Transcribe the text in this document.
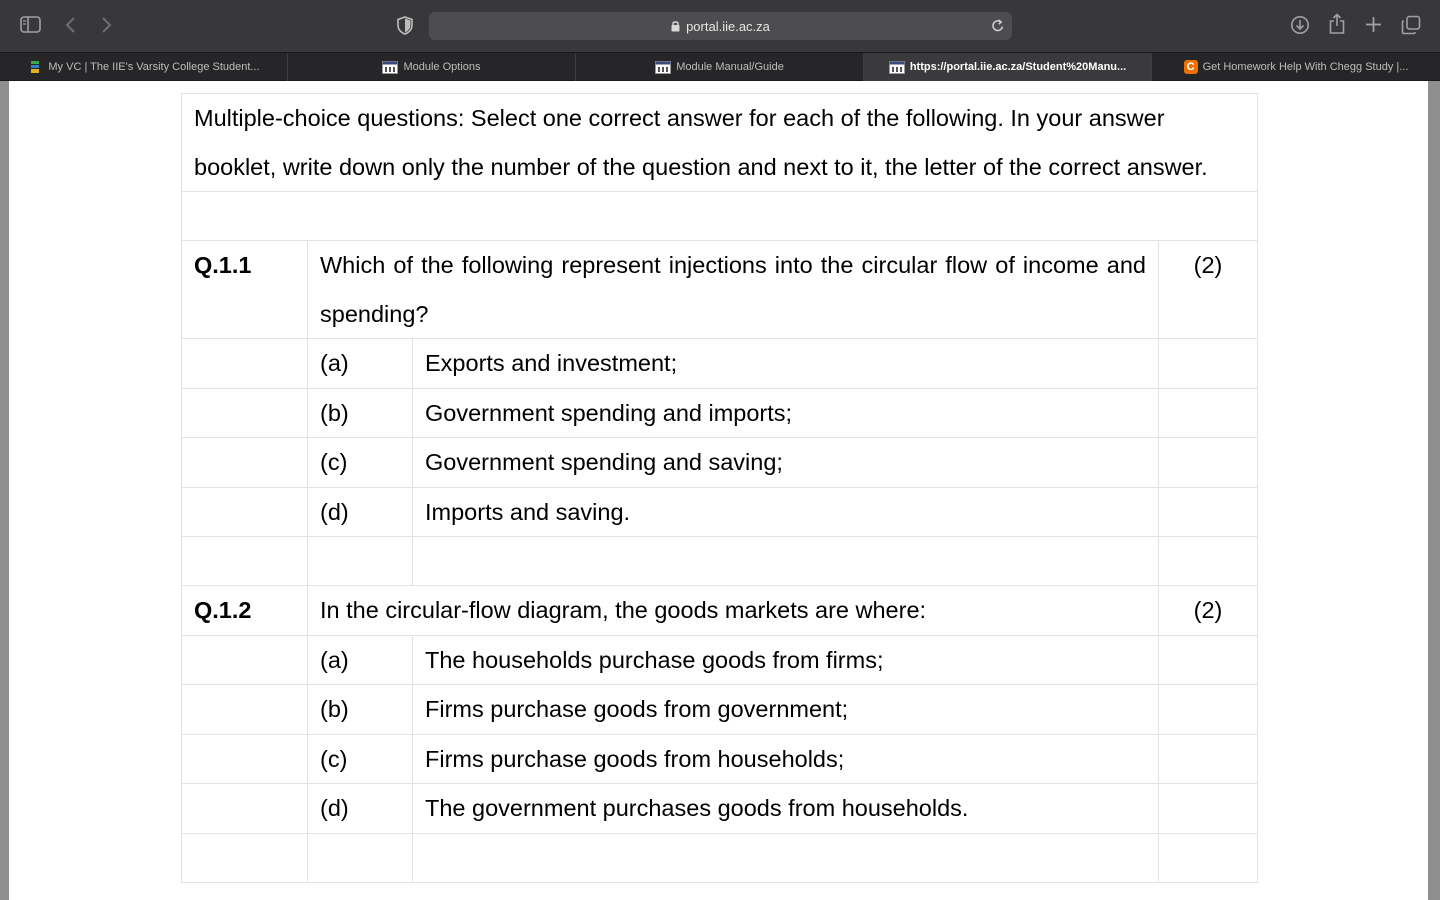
portal.iie.ac.za
My VC | The IIE's Varsity College Student...	Module Options	Module Manual/Guide	https://portal.iie.ac.za/Student%20Manu...	C Get Homework Help With Chegg Study |...
Multiple-choice questions: Select one correct answer for each of the following. In your answer booklet, write down only the number of the question and next to it, the letter of the correct answer.			

Q.1.1	Which of the following represent injections into the circular flow of income and spending?		(2)
	(a)	Exports and investment;	
	(b)	Government spending and imports;	
	(c)	Government spending and saving;	
	(d)	Imports and saving.	

Q.1.2	In the circular-flow diagram, the goods markets are where:		(2)
	(a)	The households purchase goods from firms;	
	(b)	Firms purchase goods from government;	
	(c)	Firms purchase goods from households;	
	(d)	The government purchases goods from households.	
